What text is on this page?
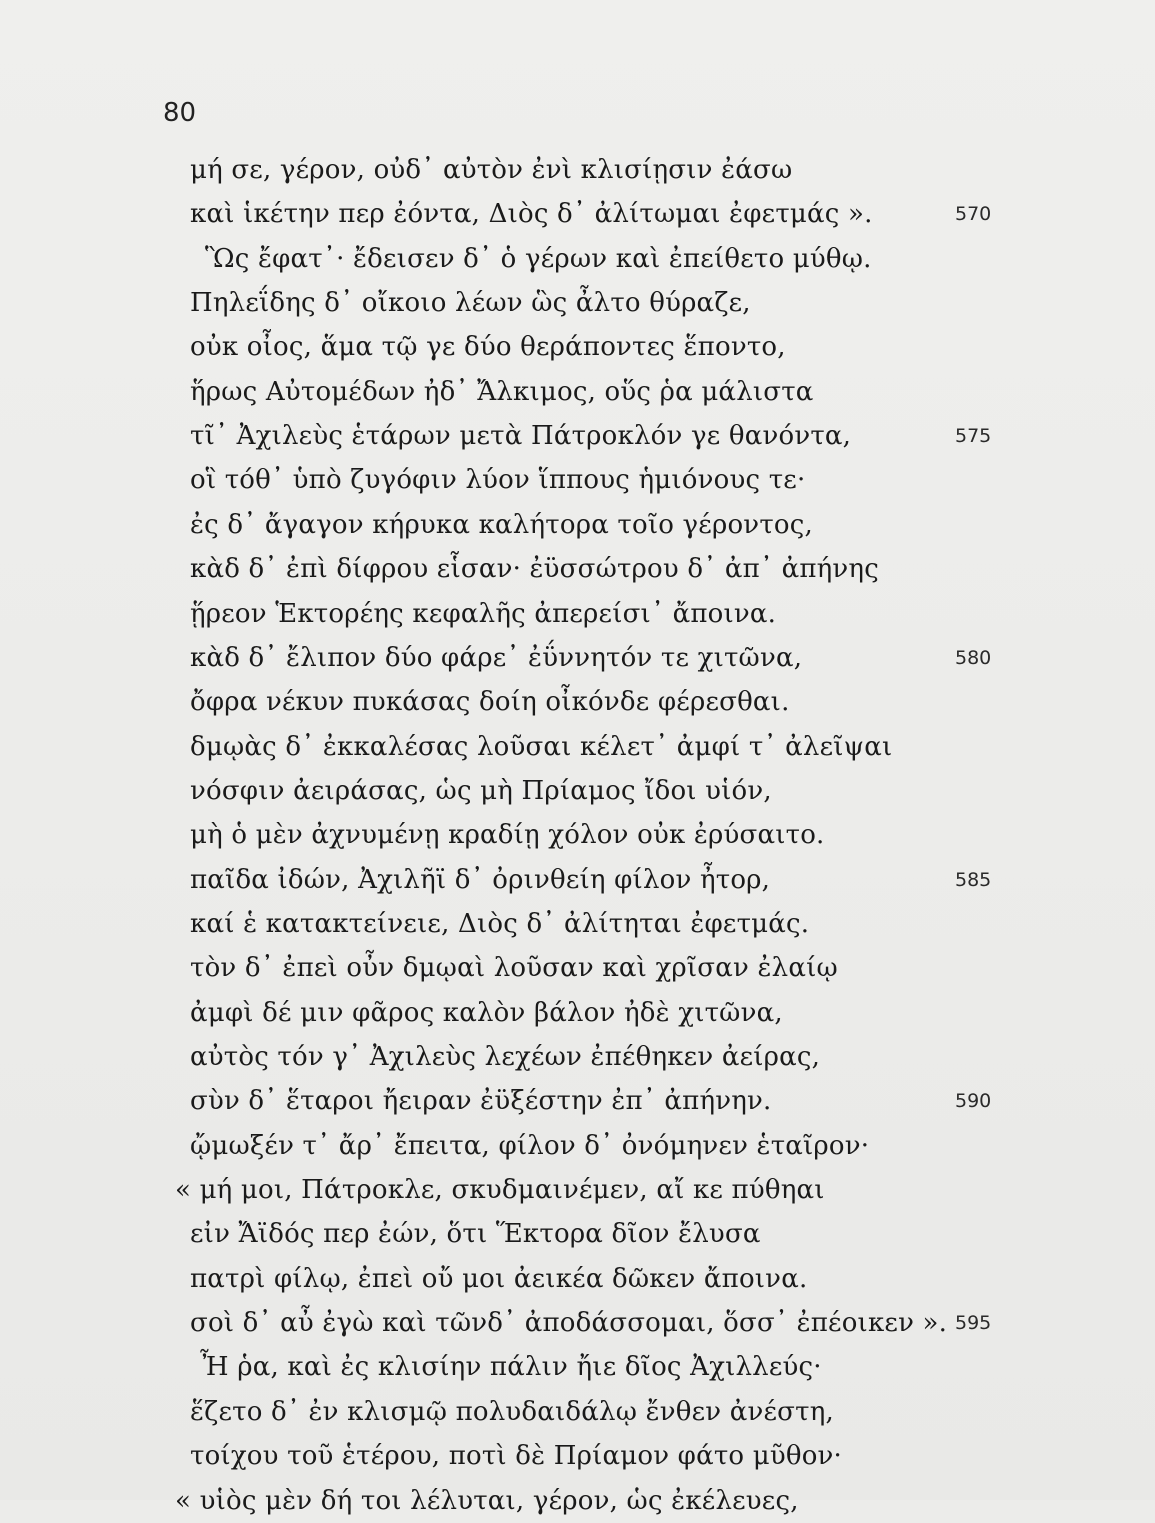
80
μή σε, γέρον, οὐδ᾽ αὐτὸν ἐνὶ κλισίῃσιν ἐάσω
καὶ ἱκέτην περ ἐόντα, Διὸς δ᾽ ἀλίτωμαι ἐφετμάς ».	570
Ὣς ἔφατ᾽· ἔδεισεν δ᾽ ὁ γέρων καὶ ἐπείθετο μύθῳ.
Πηλεΐδης δ᾽ οἴκοιο λέων ὣς ἆλτο θύραζε,
οὐκ οἶος, ἅμα τῷ γε δύο θεράποντες ἕποντο,
ἥρως Αὐτομέδων ἠδ᾽ Ἄλκιμος, οὕς ῥα μάλιστα
τῖ᾽ Ἀχιλεὺς ἑτάρων μετὰ Πάτροκλόν γε θανόντα,	575
οἳ τόθ᾽ ὑπὸ ζυγόφιν λύον ἵππους ἡμιόνους τε·
ἐς δ᾽ ἄγαγον κήρυκα καλήτορα τοῖο γέροντος,
κὰδ δ᾽ ἐπὶ δίφρου εἷσαν· ἐϋσσώτρου δ᾽ ἀπ᾽ ἀπήνης
ᾕρεον Ἑκτορέης κεφαλῆς ἀπερείσι᾽ ἄποινα.
κὰδ δ᾽ ἔλιπον δύο φάρε᾽ ἐΰννητόν τε χιτῶνα,	580
ὄφρα νέκυν πυκάσας δοίη οἶκόνδε φέρεσθαι.
δμῳὰς δ᾽ ἐκκαλέσας λοῦσαι κέλετ᾽ ἀμφί τ᾽ ἀλεῖψαι
νόσφιν ἀειράσας, ὡς μὴ Πρίαμος ἴδοι υἱόν,
μὴ ὁ μὲν ἀχνυμένῃ κραδίῃ χόλον οὐκ ἐρύσαιτο.
παῖδα ἰδών, Ἀχιλῆϊ δ᾽ ὀρινθείη φίλον ἦτορ,	585
καί ἑ κατακτείνειε, Διὸς δ᾽ ἀλίτηται ἐφετμάς.
τὸν δ᾽ ἐπεὶ οὖν δμῳαὶ λοῦσαν καὶ χρῖσαν ἐλαίῳ
ἀμφὶ δέ μιν φᾶρος καλὸν βάλον ἠδὲ χιτῶνα,
αὐτὸς τόν γ᾽ Ἀχιλεὺς λεχέων ἐπέθηκεν ἀείρας,
σὺν δ᾽ ἕταροι ἤειραν ἐϋξέστην ἐπ᾽ ἀπήνην.	590
ᾤμωξέν τ᾽ ἄρ᾽ ἔπειτα, φίλον δ᾽ ὀνόμηνεν ἑταῖρον·
« μή μοι, Πάτροκλε, σκυδμαινέμεν, αἴ κε πύθηαι
εἰν Ἄϊδός περ ἐών, ὅτι Ἕκτορα δῖον ἔλυσα
πατρὶ φίλῳ, ἐπεὶ οὔ μοι ἀεικέα δῶκεν ἄποινα.
σοὶ δ᾽ αὖ ἐγὼ καὶ τῶνδ᾽ ἀποδάσσομαι, ὅσσ᾽ ἐπέοικεν ». 595
Ἦ ῥα, καὶ ἐς κλισίην πάλιν ἤιε δῖος Ἀχιλλεύς·
ἕζετο δ᾽ ἐν κλισμῷ πολυδαιδάλῳ ἔνθεν ἀνέστη,
τοίχου τοῦ ἑτέρου, ποτὶ δὲ Πρίαμον φάτο μῦθον·
« υἱὸς μὲν δή τοι λέλυται, γέρον, ὡς ἐκέλευες,
